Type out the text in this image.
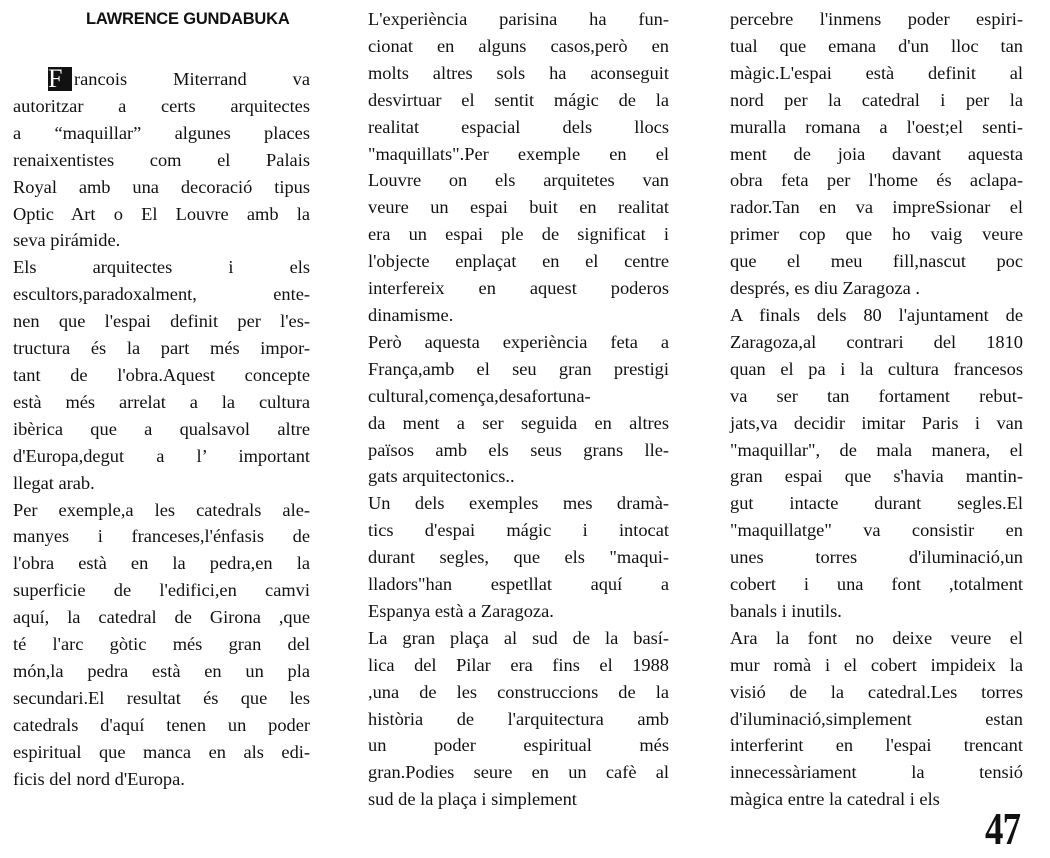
LAWRENCE GUNDABUKA
F rancois Miterrand va
autoritzar a certs arquitectes
a “maquillar” algunes places
renaixentistes com el Palais
Royal amb una decoració tipus
Optic Art o El Louvre amb la
seva pirámide.
Els arquitectes i els
escultors,paradoxalment, ente-
nen que l'espai definit per l'es-
tructura és la part més impor-
tant de l'obra.Aquest concepte
està més arrelat a la cultura
ibèrica que a qualsavol altre
d'Europa,degut a l’ important
llegat arab.
Per exemple,a les catedrals ale-
manyes i franceses,l'énfasis de
l'obra està en la pedra,en la
superficie de l'edifici,en camvi
aquí, la catedral de Girona ,que
té l'arc gòtic més gran del
món,la pedra està en un pla
secundari.El resultat és que les
catedrals d'aquí tenen un poder
espiritual que manca en als edi-
ficis del nord d'Europa.
L'experiència parisina ha fun-
cionat en alguns casos,però en
molts altres sols ha aconseguit
desvirtuar el sentit mágic de la
realitat espacial dels llocs
"maquillats".Per exemple en el
Louvre on els arquitetes van
veure un espai buit en realitat
era un espai ple de significat i
l'objecte enplaçat en el centre
interfereix en aquest poderos
dinamisme.
Però aquesta experiència feta a
França,amb el seu gran prestigi
cultural,comença,desafortuna-
da ment a ser seguida en altres
països amb els seus grans lle-
gats arquitectonics..
Un dels exemples mes dramà-
tics d'espai mágic i intocat
durant segles, que els "maqui-
lladors"han espetllat aquí a
Espanya està a Zaragoza.
La gran plaça al sud de la basí-
lica del Pilar era fins el 1988
,una de les construccions de la
història de l'arquitectura amb
un poder espiritual més
gran.Podies seure en un cafè al
sud de la plaça i simplement
percebre l'inmens poder espiri-
tual que emana d'un lloc tan
màgic.L'espai està definit al
nord per la catedral i per la
muralla romana a l'oest;el senti-
ment de joia davant aquesta
obra feta per l'home és aclapa-
rador.Tan en va impreSsionar el
primer cop que ho vaig veure
que el meu fill,nascut poc
després, es diu Zaragoza .
A finals dels 80 l'ajuntament de
Zaragoza,al contrari del 1810
quan el pa i la cultura francesos
va ser tan fortament rebut-
jats,va decidir imitar Paris i van
"maquillar", de mala manera, el
gran espai que s'havia mantin-
gut intacte durant segles.El
"maquillatge" va consistir en
unes torres d'iluminació,un
cobert i una font ,totalment
banals i inutils.
Ara la font no deixe veure el
mur romà i el cobert impideix la
visió de la catedral.Les torres
d'iluminació,simplement estan
interferint en l'espai trencant
innecessàriament la tensió
màgica entre la catedral i els
47
